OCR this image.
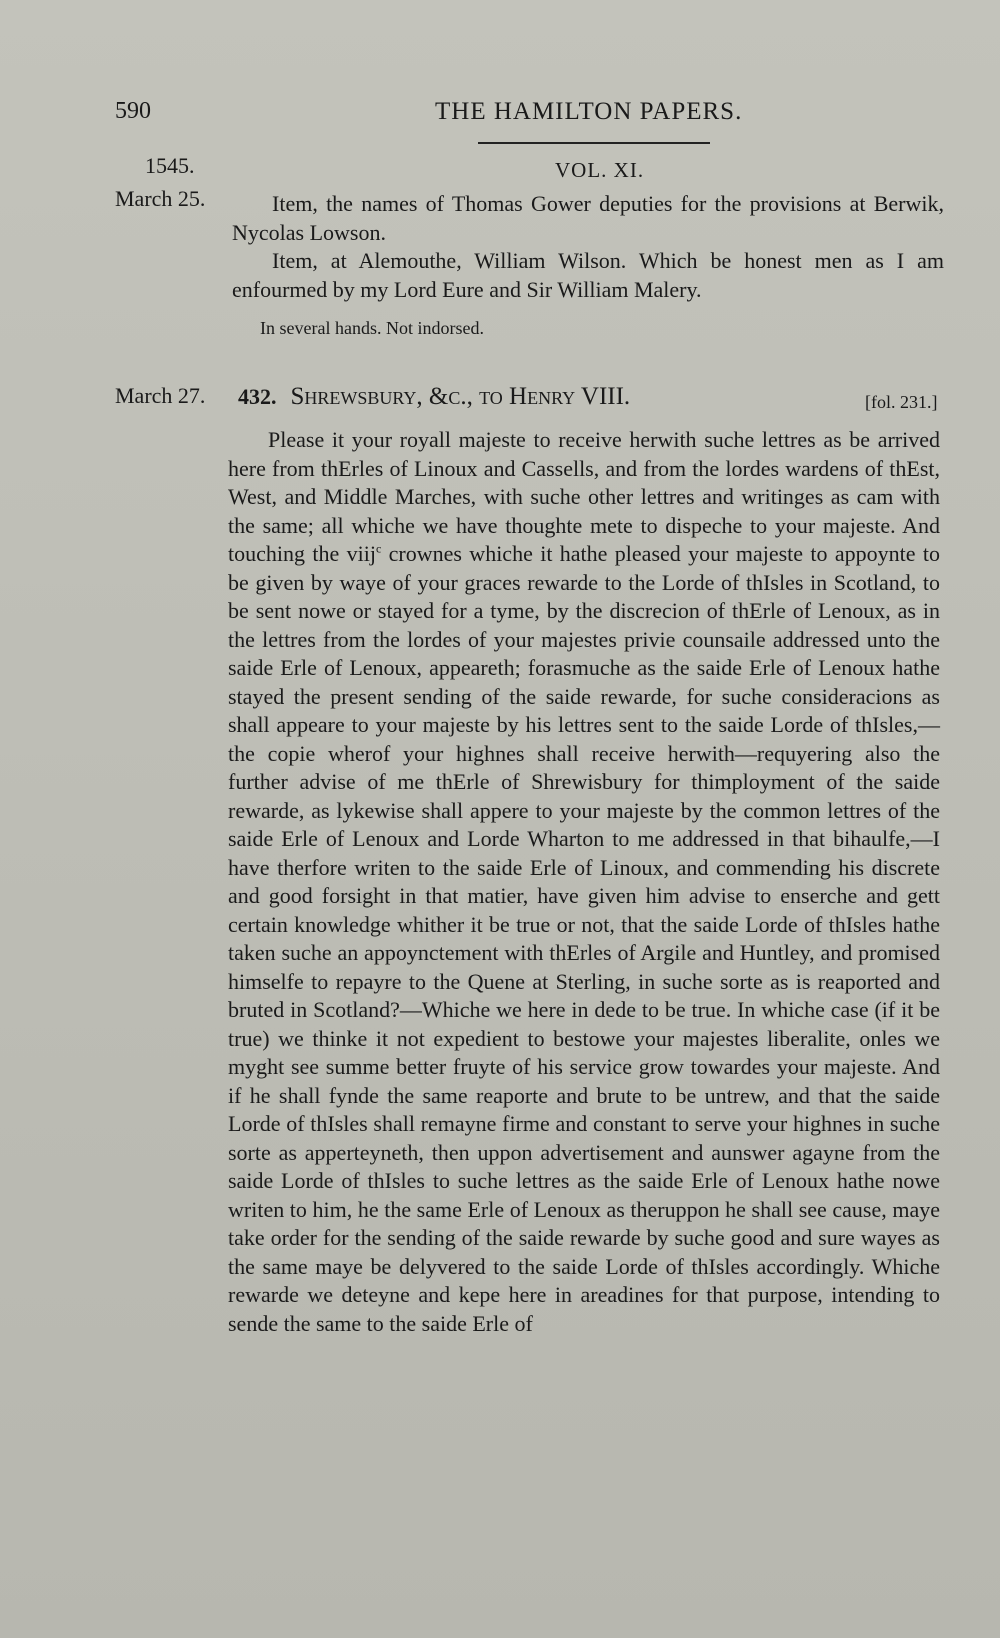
590	THE HAMILTON PAPERS.
1545.	VOL. XI.
March 25.	Item, the names of Thomas Gower deputies for the provisions at Berwik, Nycolas Lowson.

Item, at Alemouthe, William Wilson. Which be honest men as I am enfourmed by my Lord Eure and Sir William Malery.

In several hands. Not indorsed.
March 27. 432. Shrewsbury, &c., to Henry VIII.	[fol. 231.]

Please it your royall majeste to receive herwith suche lettres as be arrived here from thErles of Linoux and Cassells, and from the lordes wardens of thEst, West, and Middle Marches, with suche other lettres and writinges as cam with the same; all whiche we have thoughte mete to dispeche to your majeste. And touching the viij$^c$ crownes whiche it hathe pleased your majeste to appoynte to be given by waye of your graces rewarde to the Lorde of thIsles in Scotland, to be sent nowe or stayed for a tyme, by the discrecion of thErle of Lenoux, as in the lettres from the lordes of your majestes privie counsaile addressed unto the saide Erle of Lenoux, appeareth; forasmuche as the saide Erle of Lenoux hathe stayed the present sending of the saide rewarde, for suche consideracions as shall appeare to your majeste by his lettres sent to the saide Lorde of thIsles,—the copie wherof your highnes shall receive herwith—requyering also the further advise of me thErle of Shrewisbury for thimployment of the saide rewarde, as lykewise shall appere to your majeste by the common lettres of the saide Erle of Lenoux and Lorde Wharton to me addressed in that bihaulfe,—I have therfore writen to the saide Erle of Linoux, and commending his discrete and good forsight in that matier, have given him advise to enserche and gett certain knowledge whither it be true or not, that the saide Lorde of thIsles hathe taken suche an appoynctement with thErles of Argile and Huntley, and promised himselfe to repayre to the Quene at Sterling, in suche sorte as is reaported and bruted in Scotland?—Whiche we here in dede to be true. In whiche case (if it be true) we thinke it not expedient to bestowe your majestes liberalite, onles we myght see summe better fruyte of his service grow towardes your majeste. And if he shall fynde the same reaporte and brute to be untrew, and that the saide Lorde of thIsles shall remayne firme and constant to serve your highnes in suche sorte as apperteyneth, then uppon advertisement and aunswer agayne from the saide Lorde of thIsles to suche lettres as the saide Erle of Lenoux hathe nowe writen to him, he the same Erle of Lenoux as theruppon he shall see cause, maye take order for the sending of the saide rewarde by suche good and sure wayes as the same maye be delyvered to the saide Lorde of thIsles accordingly. Whiche rewarde we deteyne and kepe here in areadines for that purpose, intending to sende the same to the saide Erle of
